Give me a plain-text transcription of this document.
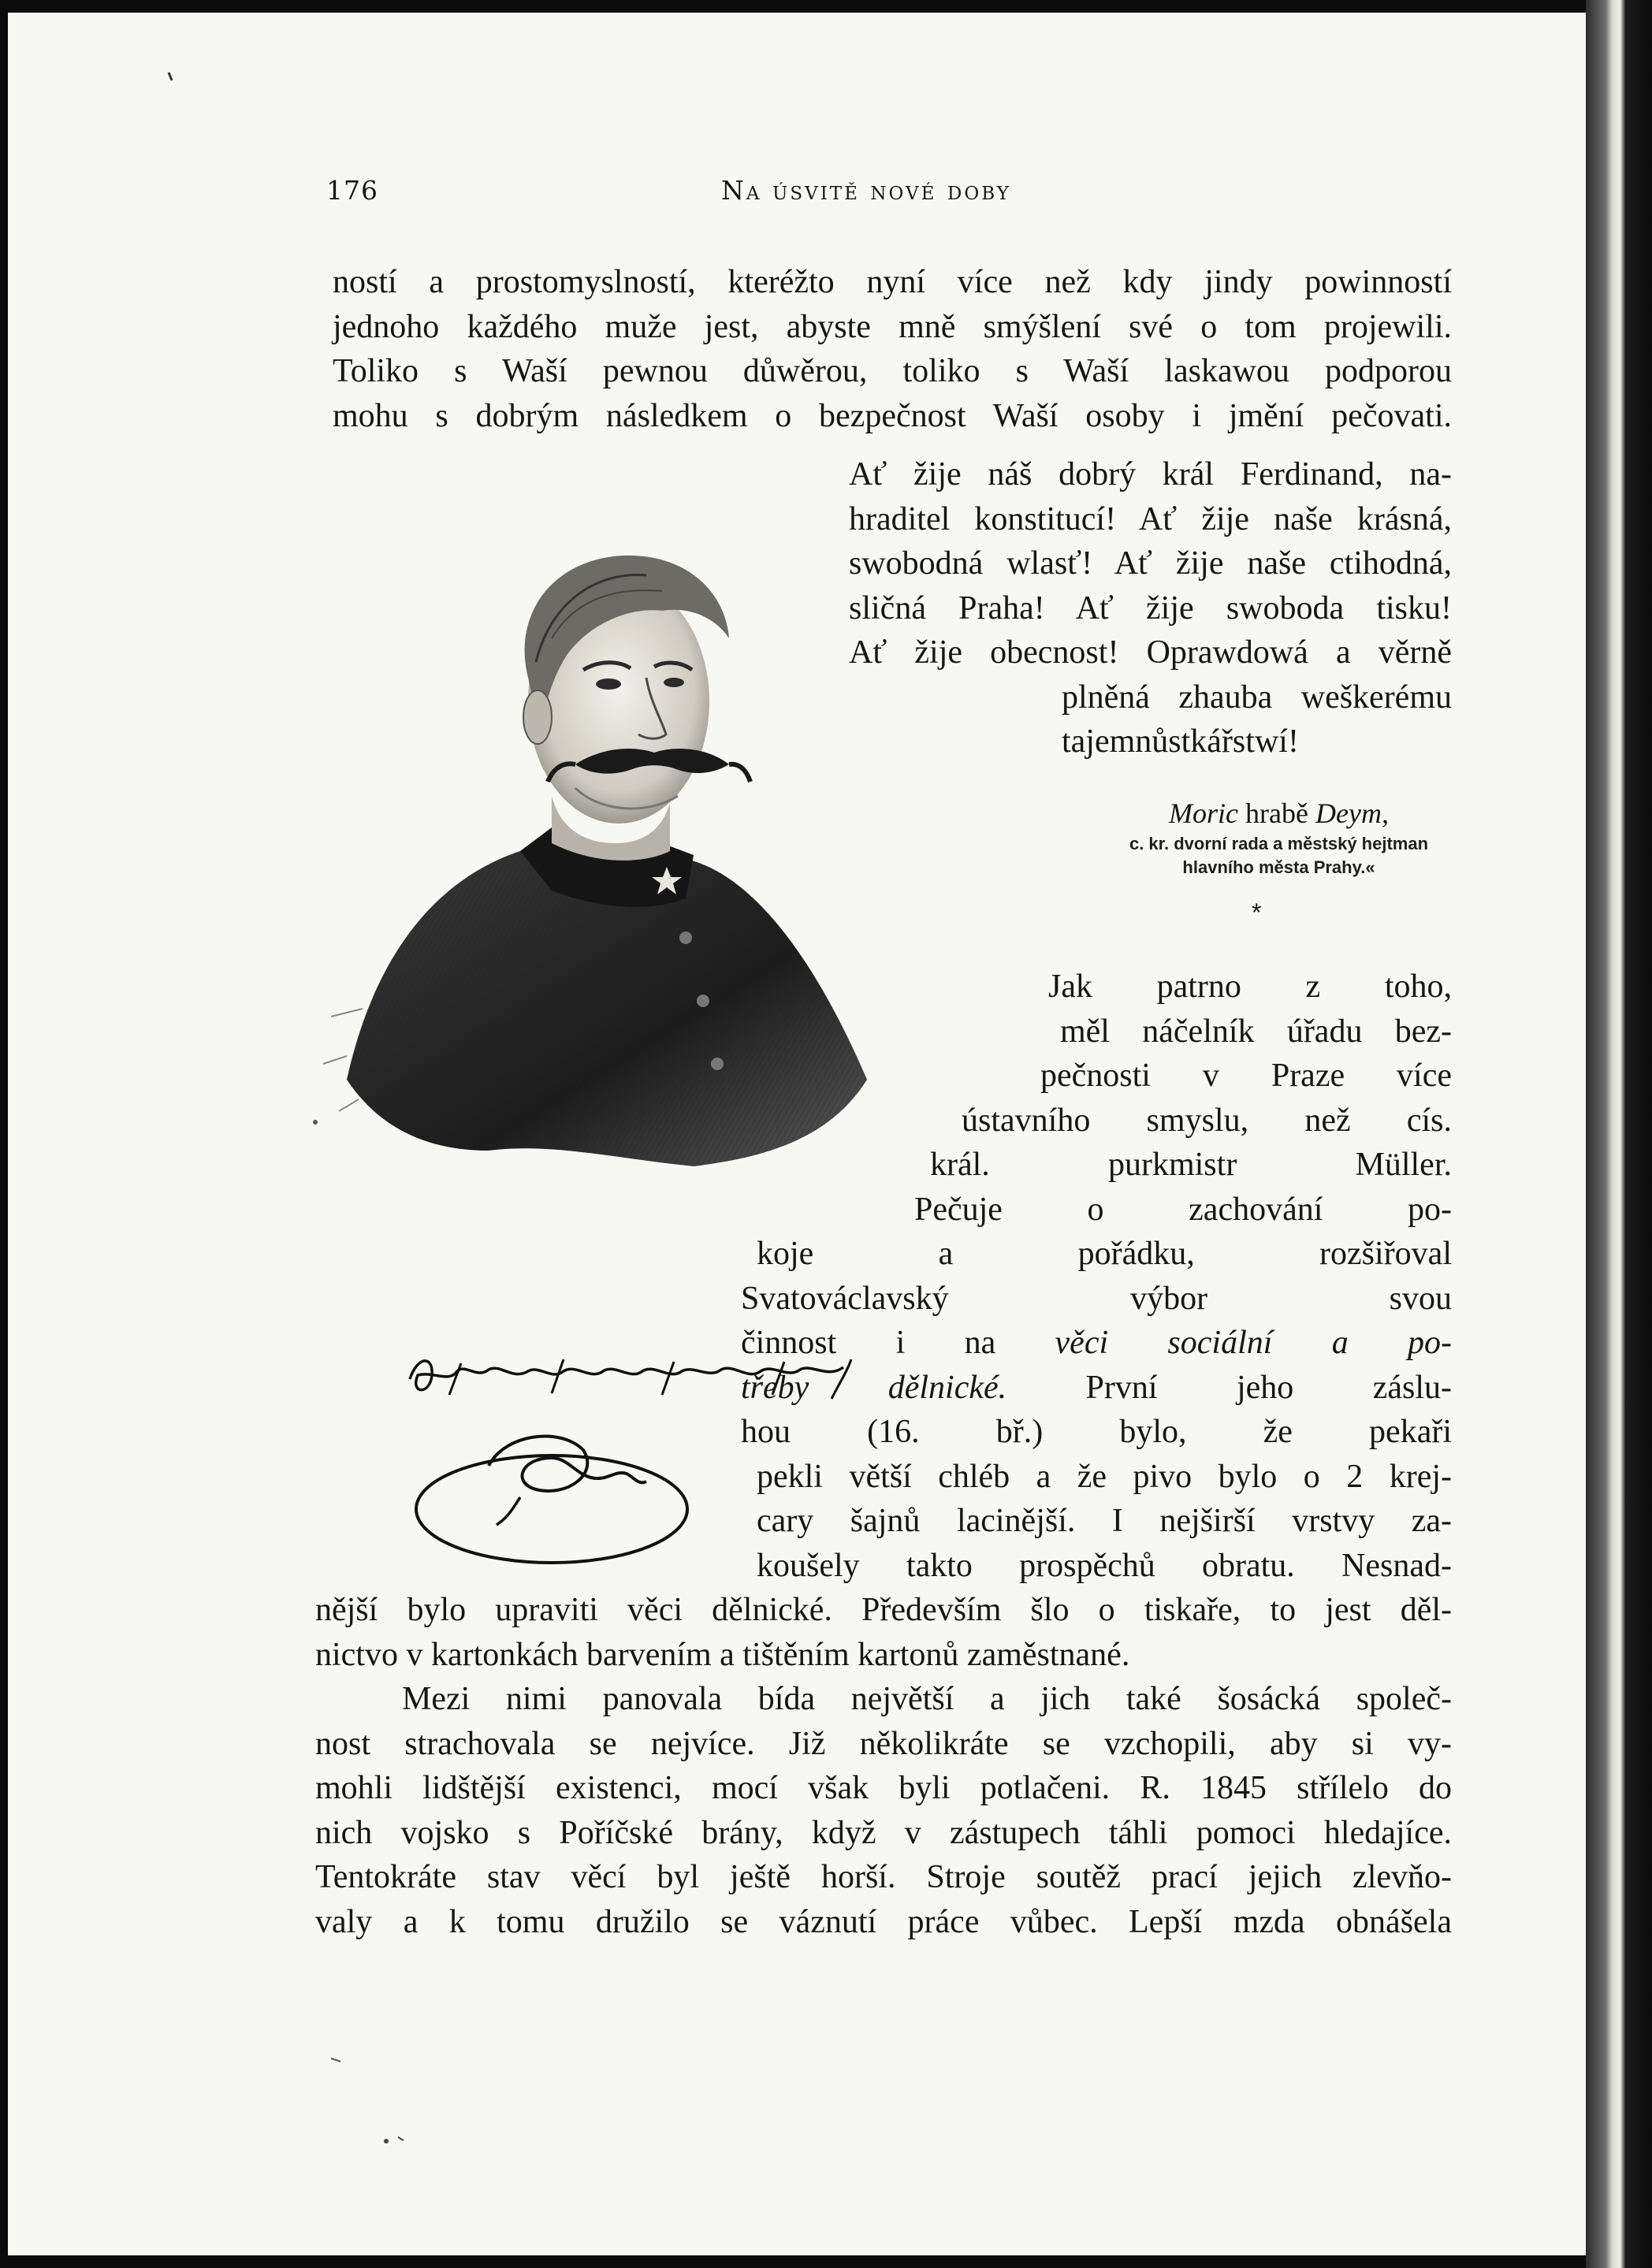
176	Na úsvitě nové doby
ností a prostomyslností, kteréžto nyní více než kdy jindy powinností
jednoho každého muže jest, abyste mně smýšlení své o tom projewili.
Toliko s Waší pewnou důwěrou, toliko s Waší laskawou podporou
mohu s dobrým následkem o bezpečnost Waší osoby i jmění pečovati.
Ať žije náš dobrý král Ferdinand, na-
hraditel konstitucí! Ať žije naše krásná,
swobodná wlasť! Ať žije naše ctihodná,
sličná Praha! Ať žije swoboda tisku!
Ať žije obecnost! Oprawdowá a věrně
plněná zhauba weškerému
tajemnůstkářstwí!
Moric hrabě Deym,
c. kr. dvorní rada a městský hejtman
hlavního města Prahy.«
*
Jak patrno z toho,
měl náčelník úřadu bez-
pečnosti v Praze více
ústavního smyslu, než cís.
král. purkmistr Müller.
Pečuje o zachování po-
koje a pořádku, rozšiřoval
Svatováclavský výbor svou
činnost i na věci sociální a po-
třeby dělnické. První jeho záslu-
hou (16. bř.) bylo, že pekaři
pekli větší chléb a že pivo bylo o 2 krej-
cary šajnů lacinější. I nejširší vrstvy za-
koušely takto prospěchů obratu. Nesnad-
nější bylo upraviti věci dělnické. Především šlo o tiskaře, to jest děl-
nictvo v kartonkách barvením a tištěním kartonů zaměstnané.
Mezi nimi panovala bída největší a jich také šosácká společ-
nost strachovala se nejvíce. Již několikráte se vzchopili, aby si vy-
mohli lidštější existenci, mocí však byli potlačeni. R. 1845 střílelo do
nich vojsko s Poříčské brány, když v zástupech táhli pomoci hledajíce.
Tentokráte stav věcí byl ještě horší. Stroje soutěž prací jejich zlevňo-
valy a k tomu družilo se váznutí práce vůbec. Lepší mzda obnášela
